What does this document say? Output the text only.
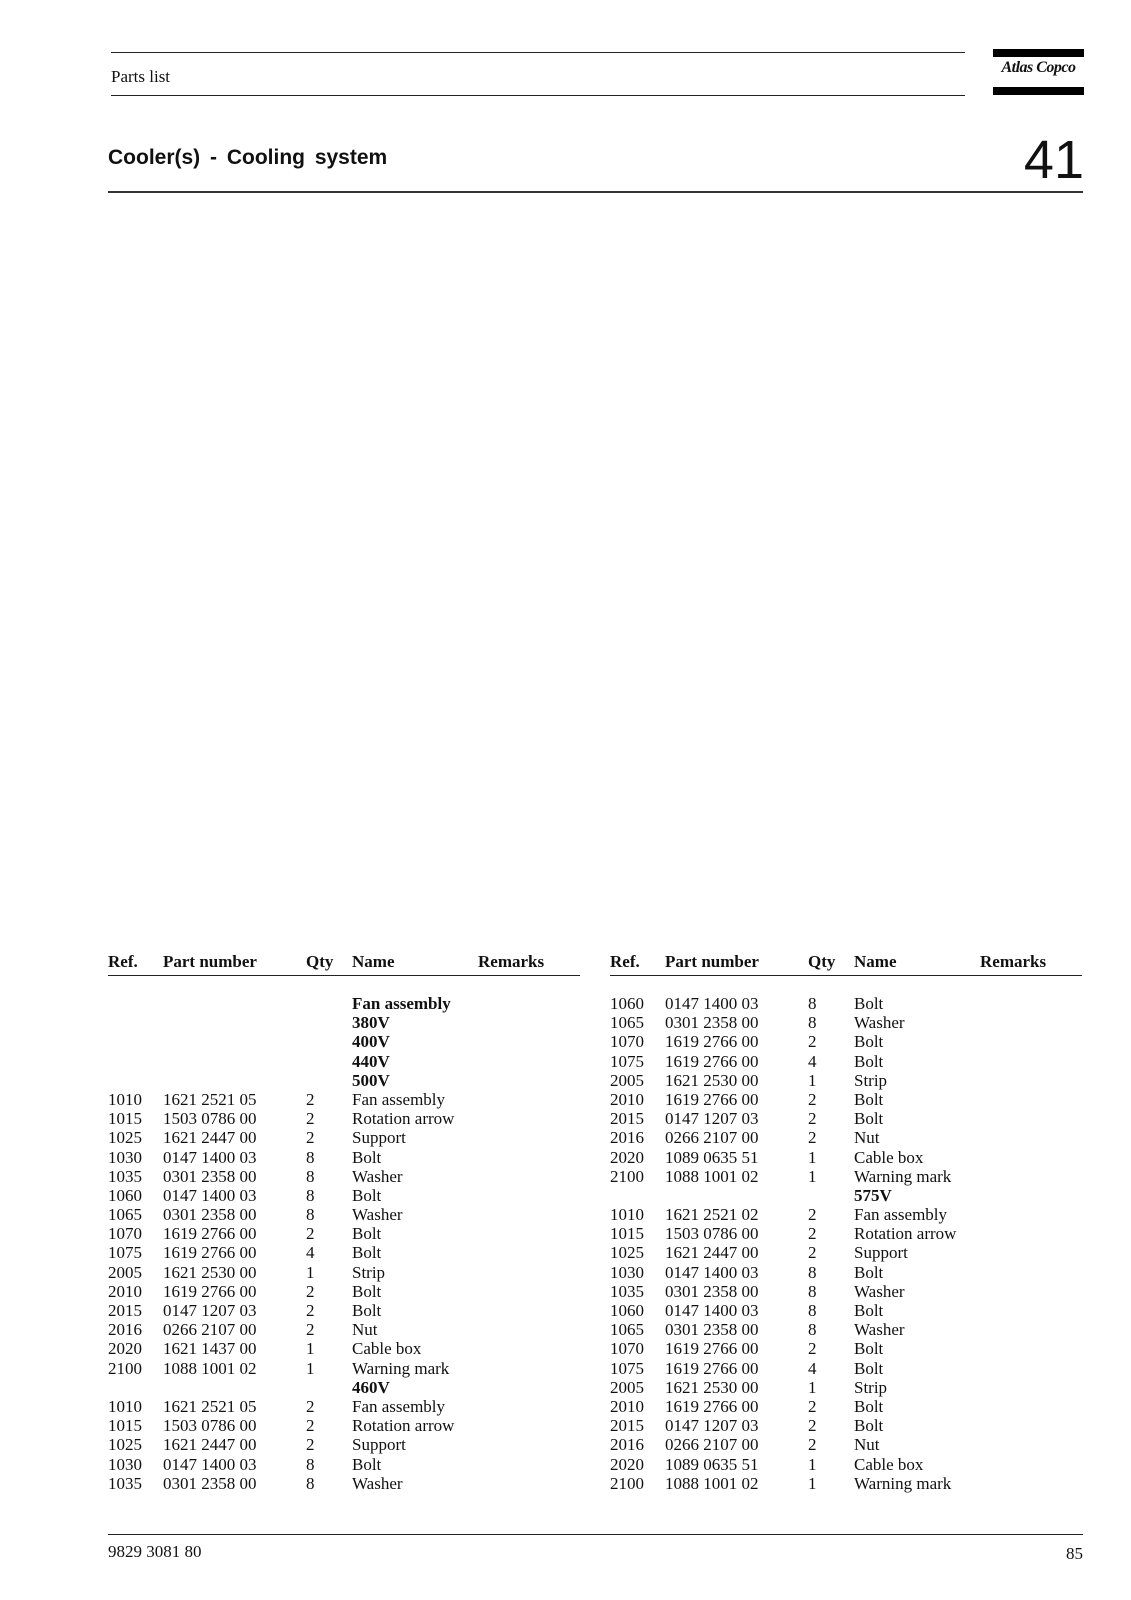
Parts list	Atlas Copco
Cooler(s) - Cooling system	41
Ref. Part number	Qty Name	Remarks
Fan assembly
380V
400V
440V
500V
1010 1621 2521 05	2 Fan assembly
1015 1503 0786 00	2 Rotation arrow
1025 1621 2447 00	2 Support
1030 0147 1400 03	8 Bolt
1035 0301 2358 00	8 Washer
1060 0147 1400 03	8 Bolt
1065 0301 2358 00	8 Washer
1070 1619 2766 00	2 Bolt
1075 1619 2766 00	4 Bolt
2005 1621 2530 00	1 Strip
2010 1619 2766 00	2 Bolt
2015 0147 1207 03	2 Bolt
2016 0266 2107 00	2 Nut
2020 1621 1437 00	1 Cable box
2100 1088 1001 02	1 Warning mark
460V
1010 1621 2521 05	2 Fan assembly
1015 1503 0786 00	2 Rotation arrow
1025 1621 2447 00	2 Support
1030 0147 1400 03	8 Bolt
1035 0301 2358 00	8 Washer
Ref. Part number	Qty Name	Remarks
1060 0147 1400 03	8 Bolt
1065 0301 2358 00	8 Washer
1070 1619 2766 00	2 Bolt
1075 1619 2766 00	4 Bolt
2005 1621 2530 00	1 Strip
2010 1619 2766 00	2 Bolt
2015 0147 1207 03	2 Bolt
2016 0266 2107 00	2 Nut
2020 1089 0635 51	1 Cable box
2100 1088 1001 02	1 Warning mark
575V
1010 1621 2521 02	2 Fan assembly
1015 1503 0786 00	2 Rotation arrow
1025 1621 2447 00	2 Support
1030 0147 1400 03	8 Bolt
1035 0301 2358 00	8 Washer
1060 0147 1400 03	8 Bolt
1065 0301 2358 00	8 Washer
1070 1619 2766 00	2 Bolt
1075 1619 2766 00	4 Bolt
2005 1621 2530 00	1 Strip
2010 1619 2766 00	2 Bolt
2015 0147 1207 03	2 Bolt
2016 0266 2107 00	2 Nut
2020 1089 0635 51	1 Cable box
2100 1088 1001 02	1 Warning mark
9829 3081 80	85
